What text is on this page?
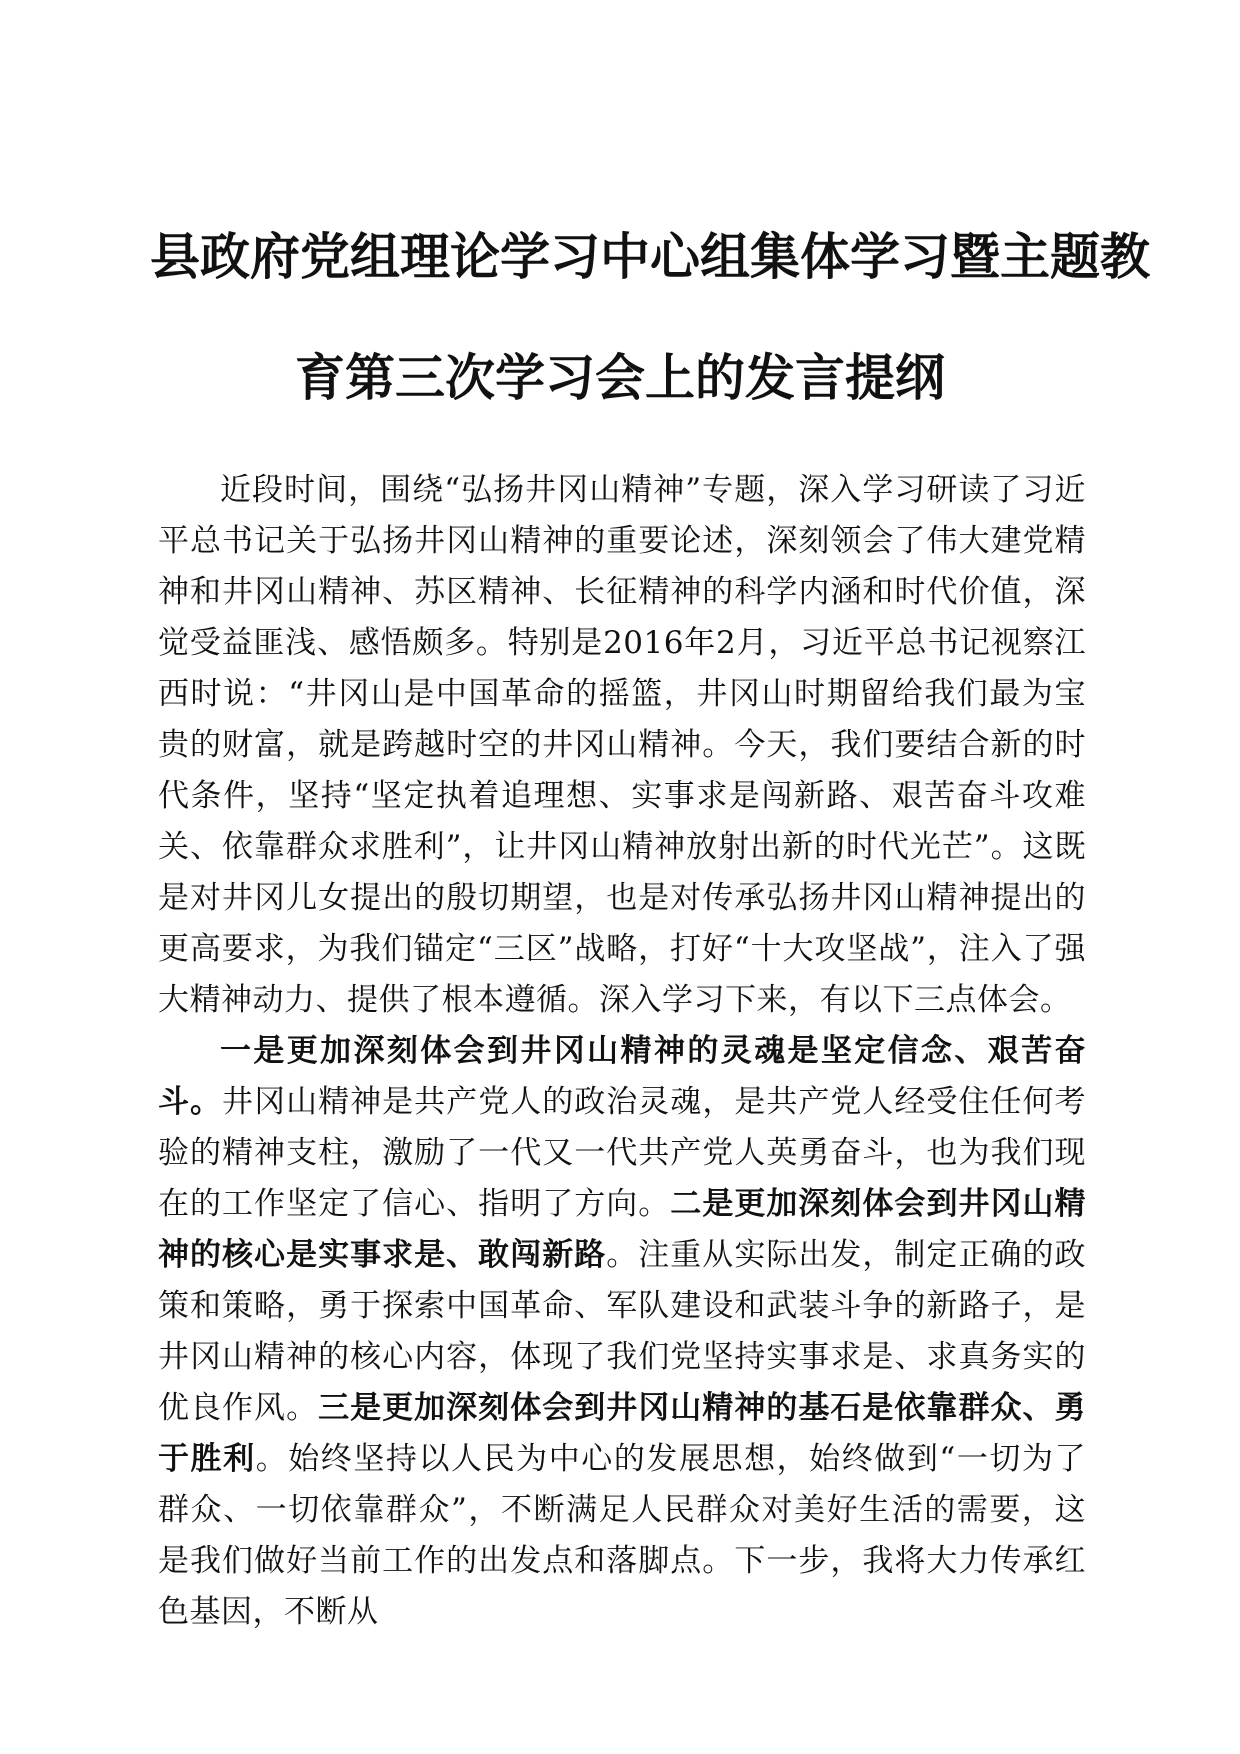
县政府党组理论学习中心组集体学习暨主题教
育第三次学习会上的发言提纲

近段时间，围绕“弘扬井冈山精神”专题，深入学习研读了习近平总书记关于弘扬井冈山精神的重要论述，深刻领会了伟大建党精神和井冈山精神、苏区精神、长征精神的科学内涵和时代价值，深觉受益匪浅、感悟颇多。特别是2016年2月，习近平总书记视察江西时说：“井冈山是中国革命的摇篮，井冈山时期留给我们最为宝贵的财富，就是跨越时空的井冈山精神。今天，我们要结合新的时代条件，坚持“坚定执着追理想、实事求是闯新路、艰苦奋斗攻难关、依靠群众求胜利”，让井冈山精神放射出新的时代光芒”。这既是对井冈儿女提出的殷切期望，也是对传承弘扬井冈山精神提出的更高要求，为我们锚定“三区”战略，打好“十大攻坚战”，注入了强大精神动力、提供了根本遵循。深入学习下来，有以下三点体会。

一是更加深刻体会到井冈山精神的灵魂是坚定信念、艰苦奋斗。井冈山精神是共产党人的政治灵魂，是共产党人经受住任何考验的精神支柱，激励了一代又一代共产党人英勇奋斗，也为我们现在的工作坚定了信心、指明了方向。二是更加深刻体会到井冈山精神的核心是实事求是、敢闯新路。注重从实际出发，制定正确的政策和策略，勇于探索中国革命、军队建设和武装斗争的新路子，是井冈山精神的核心内容，体现了我们党坚持实事求是、求真务实的优良作风。三是更加深刻体会到井冈山精神的基石是依靠群众、勇于胜利。始终坚持以人民为中心的发展思想，始终做到“一切为了群众、一切依靠群众”，不断满足人民群众对美好生活的需要，这是我们做好当前工作的出发点和落脚点。下一步，我将大力传承红色基因，不断从
